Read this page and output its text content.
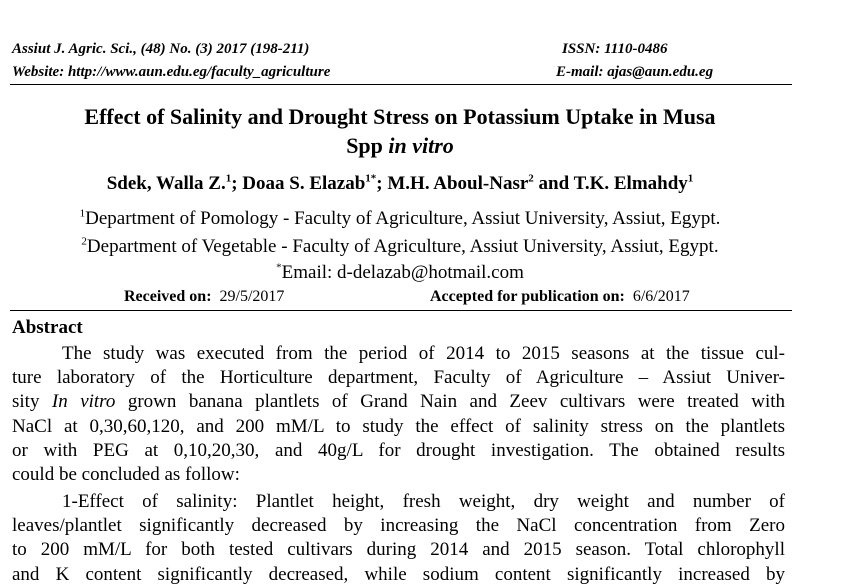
Assiut J. Agric. Sci., (48) No. (3) 2017 (198-211)	ISSN: 1110-0486
Website: http://www.aun.edu.eg/faculty_agriculture	E-mail: ajas@aun.edu.eg
Effect of Salinity and Drought Stress on Potassium Uptake in Musa
Spp in vitro
Sdek, Walla Z.$^1$; Doaa S. Elazab$^{1*}$; M.H. Aboul-Nasr$^2$ and T.K. Elmahdy$^1$
$^1$Department of Pomology - Faculty of Agriculture, Assiut University, Assiut, Egypt.
$^2$Department of Vegetable - Faculty of Agriculture, Assiut University, Assiut, Egypt.
*Email: d-delazab@hotmail.com
Received on: 29/5/2017	Accepted for publication on: 6/6/2017
Abstract
The study was executed from the period of 2014 to 2015 seasons at the tissue cul-
ture laboratory of the Horticulture department, Faculty of Agriculture – Assiut Univer-
sity In vitro grown banana plantlets of Grand Nain and Zeev cultivars were treated with
NaCl at 0,30,60,120, and 200 mM/L to study the effect of salinity stress on the plantlets
or with PEG at 0,10,20,30, and 40g/L for drought investigation. The obtained results
could be concluded as follow:
1-Effect of salinity: Plantlet height, fresh weight, dry weight and number of
leaves/plantlet significantly decreased by increasing the NaCl concentration from Zero
to 200 mM/L for both tested cultivars during 2014 and 2015 season. Total chlorophyll
and K content significantly decreased, while sodium content significantly increased by
